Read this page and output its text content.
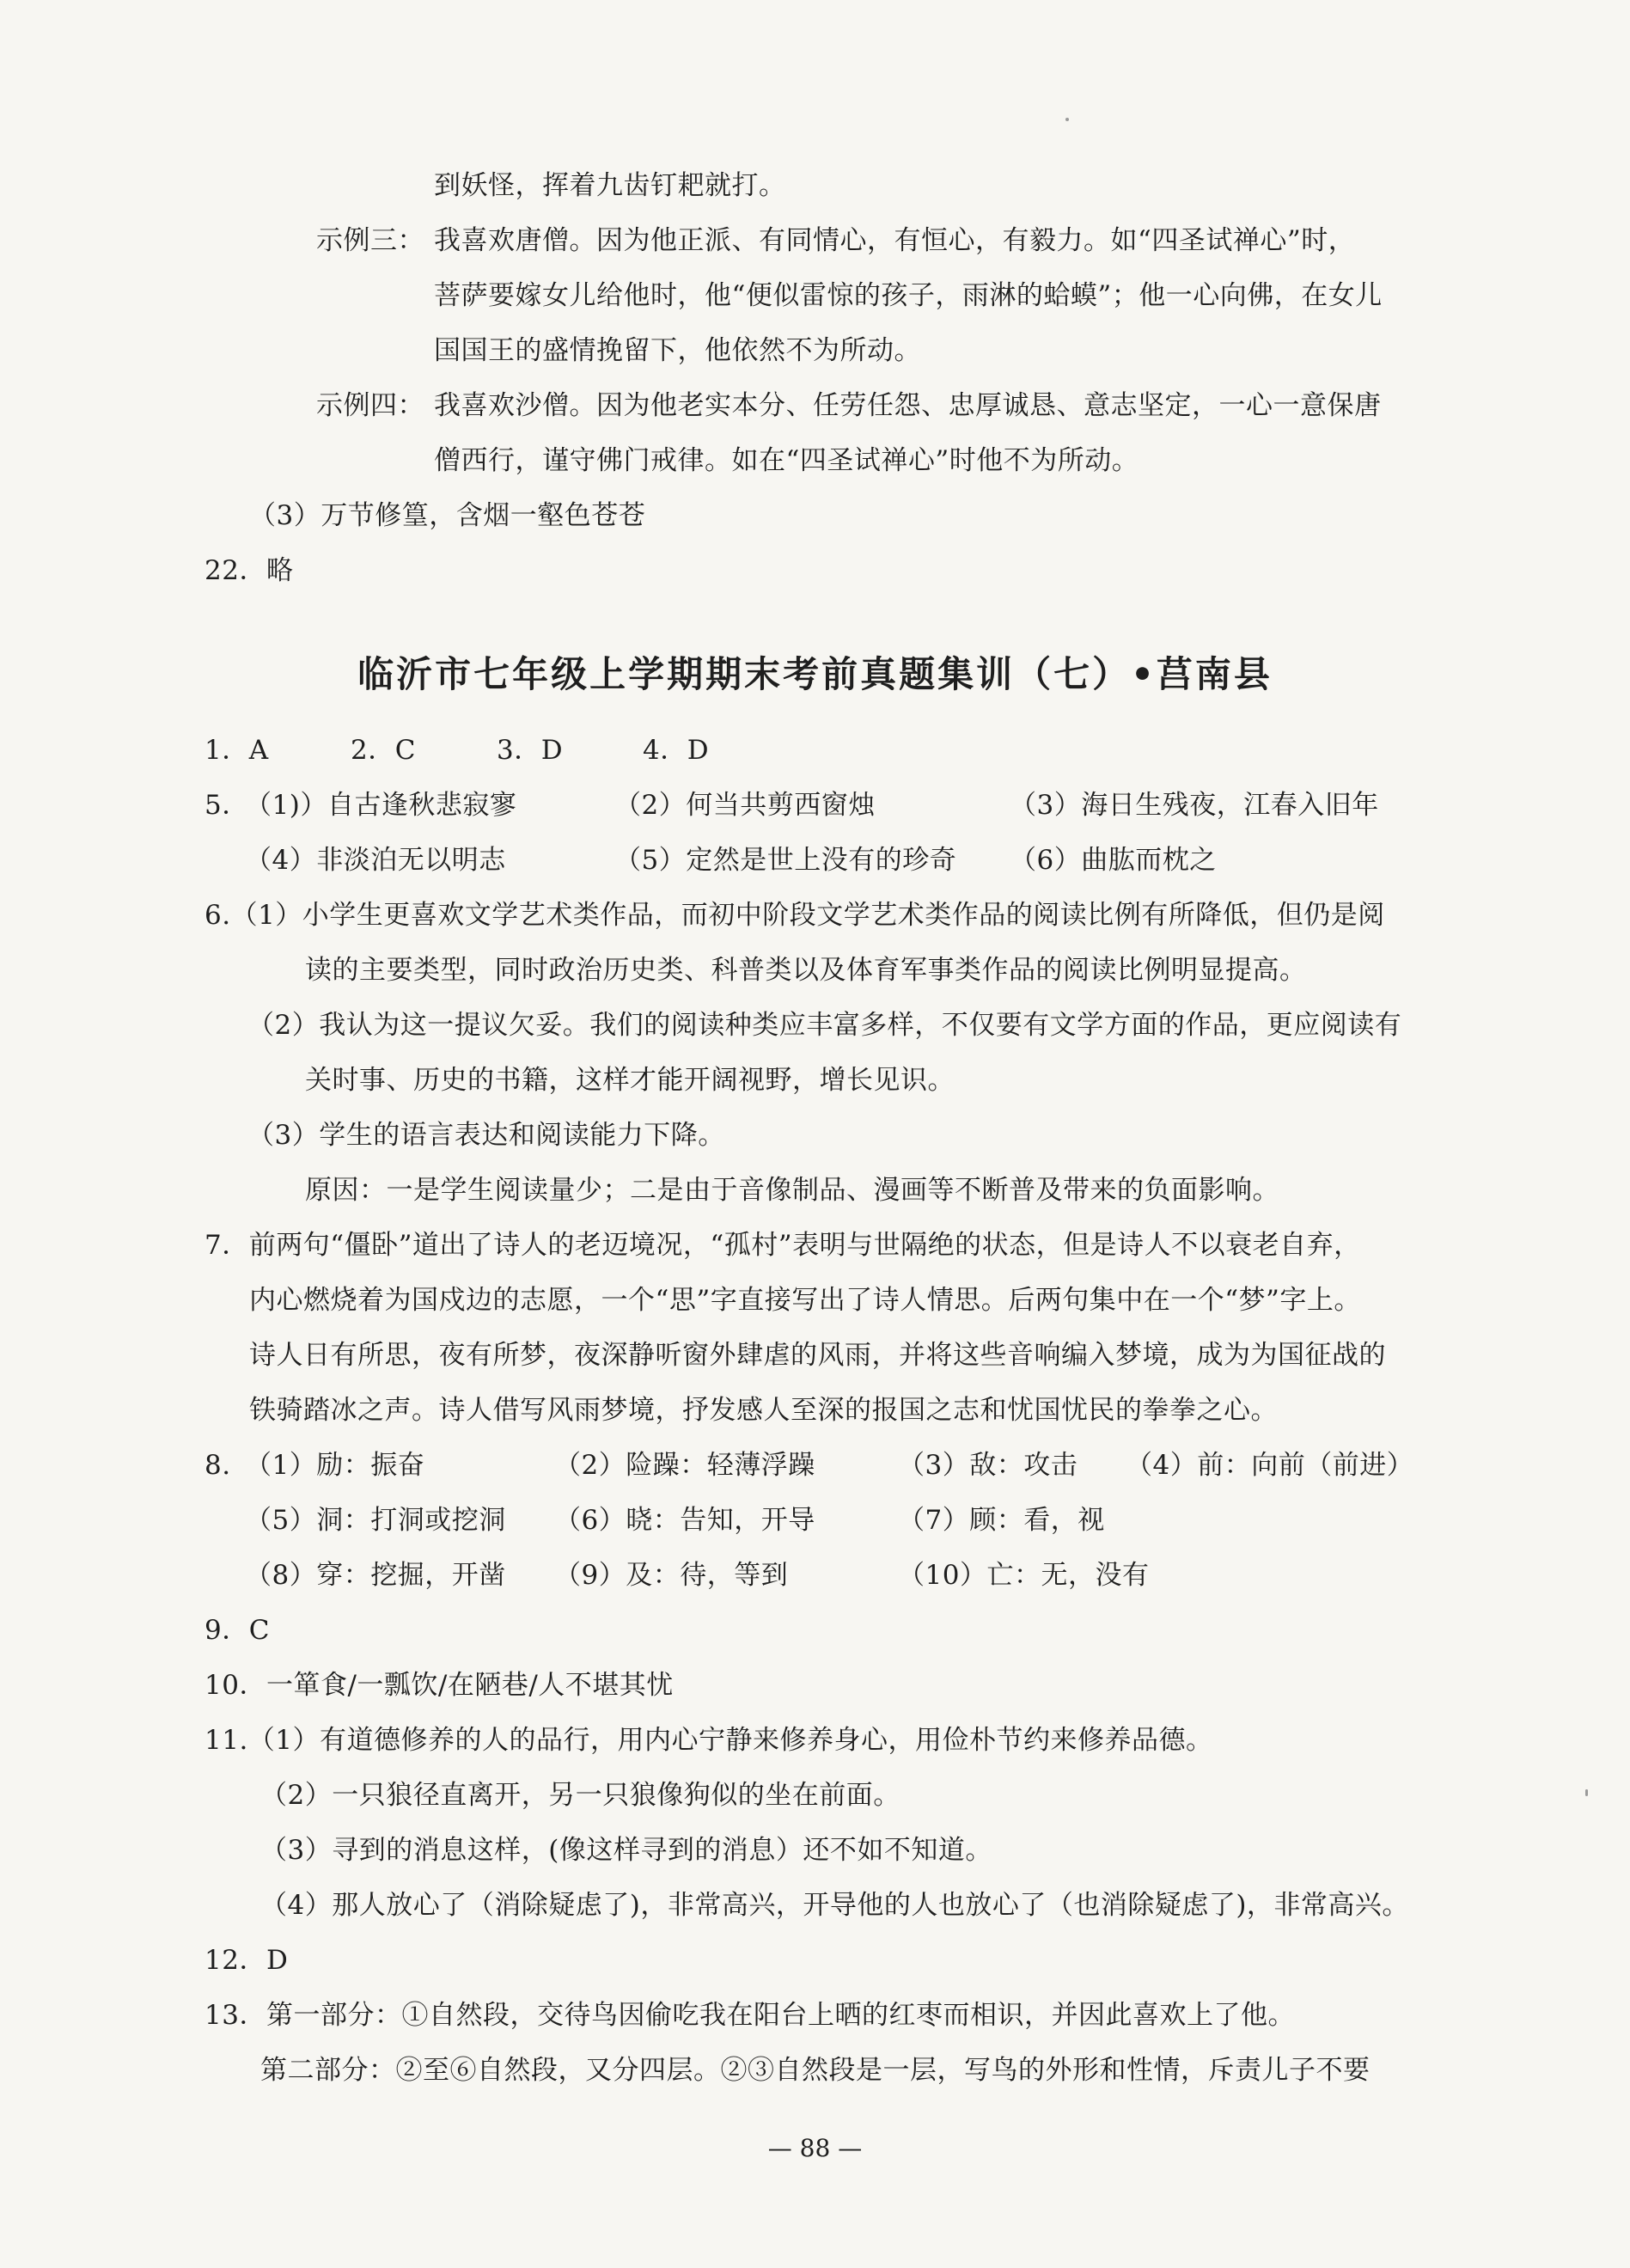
到妖怪，挥着九齿钉耙就打。
示例三： 我喜欢唐僧。因为他正派、有同情心，有恒心，有毅力。如“四圣试禅心”时，
菩萨要嫁女儿给他时，他“便似雷惊的孩子，雨淋的蛤蟆”；他一心向佛，在女儿
国国王的盛情挽留下，他依然不为所动。
示例四： 我喜欢沙僧。因为他老实本分、任劳任怨、忠厚诚恳、意志坚定，一心一意保唐
僧西行，谨守佛门戒律。如在“四圣试禅心”时他不为所动。
（3）万节修篁，含烟一壑色苍苍
22．略
临沂市七年级上学期期末考前真题集训（七）•莒南县
1．A	2．C	3．D	4．D
5．
（1)）自古逢秋悲寂寥	（2）何当共剪西窗烛	（3）海日生残夜，江春入旧年
（4）非淡泊无以明志	（5）定然是世上没有的珍奇 （6）曲肱而枕之
6.（1）小学生更喜欢文学艺术类作品，而初中阶段文学艺术类作品的阅读比例有所降低，但仍是阅
读的主要类型，同时政治历史类、科普类以及体育军事类作品的阅读比例明显提高。
（2）我认为这一提议欠妥。我们的阅读种类应丰富多样，不仅要有文学方面的作品，更应阅读有
关时事、历史的书籍，这样才能开阔视野，增长见识。
（3）学生的语言表达和阅读能力下降。
原因：一是学生阅读量少；二是由于音像制品、漫画等不断普及带来的负面影响。
7．前两句“僵卧”道出了诗人的老迈境况，“孤村”表明与世隔绝的状态，但是诗人不以衰老自弃，
内心燃烧着为国戍边的志愿，一个“思”字直接写出了诗人情思。后两句集中在一个“梦”字上。
诗人日有所思，夜有所梦，夜深静听窗外肆虐的风雨，并将这些音响编入梦境，成为为国征战的
铁骑踏冰之声。诗人借写风雨梦境，抒发感人至深的报国之志和忧国忧民的拳拳之心。
8. （1）励：振奋	（2）险躁：轻薄浮躁	（3）敌：攻击 （4）前：向前（前进）
（5）洞：打洞或挖洞 （6）晓：告知，开导	（7）顾：看，视
（8）穿：挖掘，开凿 （9）及：待，等到	（10）亡：无，没有
9．C
10．一箪食/一瓢饮/在陋巷/人不堪其忧
11.（1）有道德修养的人的品行，用内心宁静来修养身心，用俭朴节约来修养品德。
（2）一只狼径直离开，另一只狼像狗似的坐在前面。
（3）寻到的消息这样，(像这样寻到的消息）还不如不知道。
（4）那人放心了（消除疑虑了)，非常高兴，开导他的人也放心了（也消除疑虑了)，非常高兴。
12．D
13．第一部分：①自然段，交待鸟因偷吃我在阳台上晒的红枣而相识，并因此喜欢上了他。
第二部分：②至⑥自然段，又分四层。②③自然段是一层，写鸟的外形和性情，斥责儿子不要
— 88 —
